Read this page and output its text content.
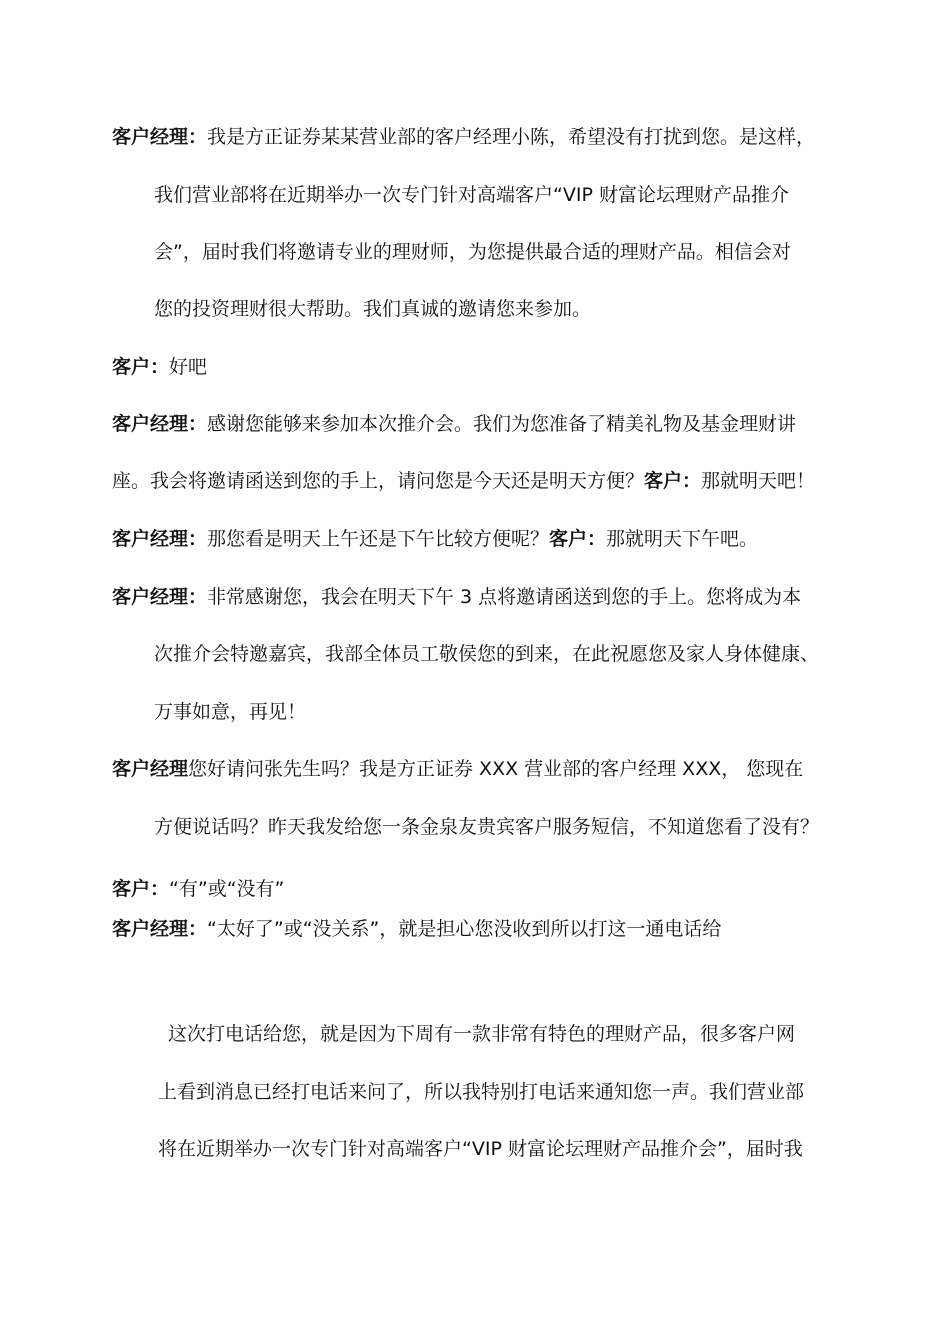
客户经理：我是方正证券某某营业部的客户经理小陈，希望没有打扰到您。是这样，
我们营业部将在近期举办一次专门针对高端客户“VIP 财富论坛理财产品推介
会”，届时我们将邀请专业的理财师，为您提供最合适的理财产品。相信会对
您的投资理财很大帮助。我们真诚的邀请您来参加。
客户：好吧
客户经理：感谢您能够来参加本次推介会。我们为您准备了精美礼物及基金理财讲
座。我会将邀请函送到您的手上，请问您是今天还是明天方便？客户：那就明天吧！
客户经理：那您看是明天上午还是下午比较方便呢？客户：那就明天下午吧。
客户经理：非常感谢您，我会在明天下午 3 点将邀请函送到您的手上。您将成为本
次推介会特邀嘉宾，我部全体员工敬侯您的到来，在此祝愿您及家人身体健康、
万事如意，再见！
客户经理您好请问张先生吗？我是方正证券 XXX 营业部的客户经理 XXX， 您现在
方便说话吗？昨天我发给您一条金泉友贵宾客户服务短信，不知道您看了没有？
客户：“有”或“没有”
客户经理：“太好了”或“没关系”，就是担心您没收到所以打这一通电话给
这次打电话给您，就是因为下周有一款非常有特色的理财产品，很多客户网
上看到消息已经打电话来问了，所以我特别打电话来通知您一声。我们营业部
将在近期举办一次专门针对高端客户“VIP 财富论坛理财产品推介会”，届时我
